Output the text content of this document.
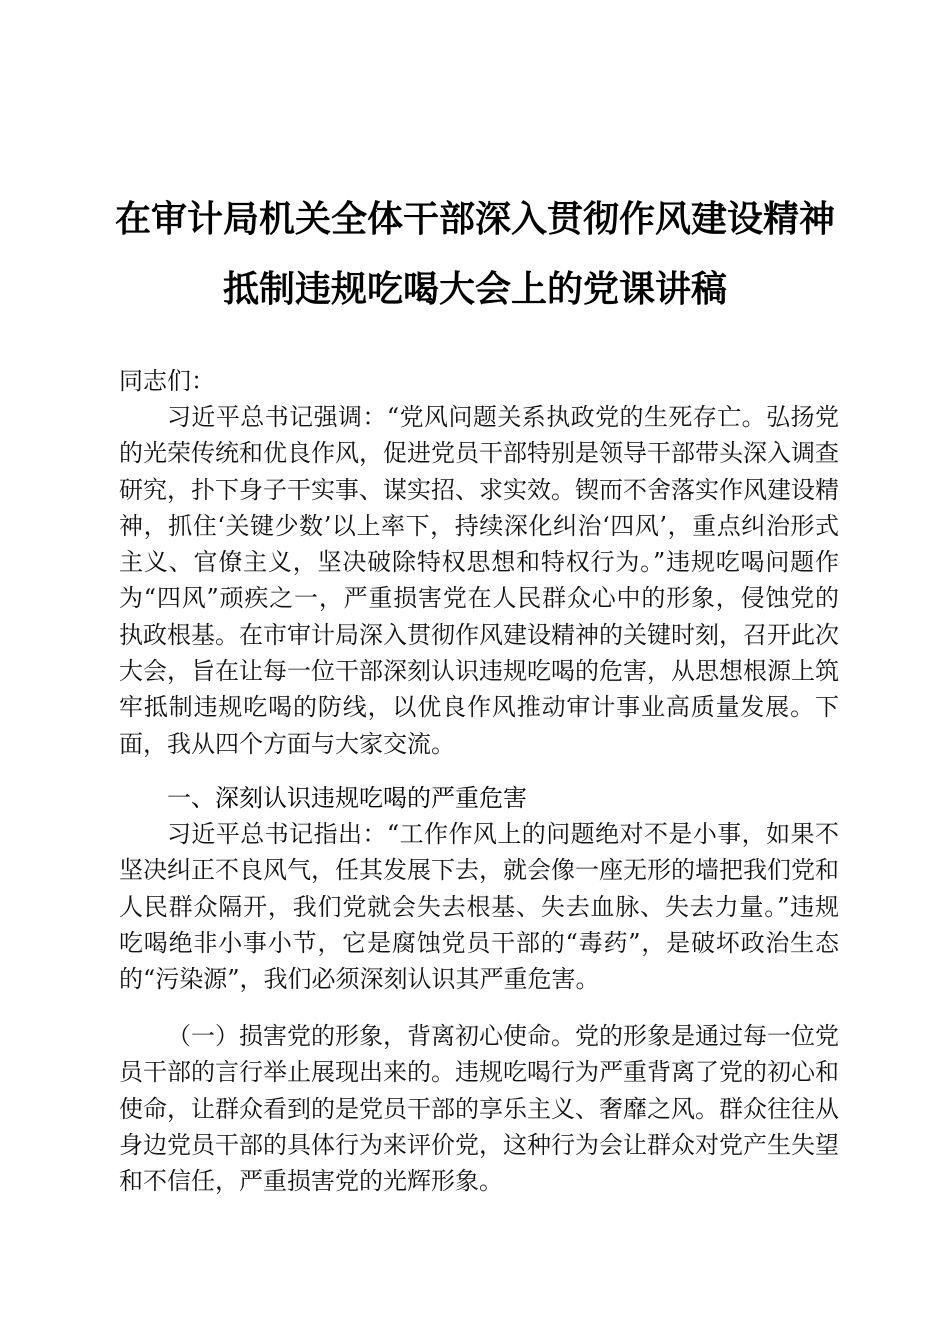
在审计局机关全体干部深入贯彻作风建设精神
抵制违规吃喝大会上的党课讲稿

同志们：

习近平总书记强调：“党风问题关系执政党的生死存亡。弘扬党的光荣传统和优良作风，促进党员干部特别是领导干部带头深入调查研究，扑下身子干实事、谋实招、求实效。锲而不舍落实作风建设精神，抓住‘关键少数’以上率下，持续深化纠治‘四风’，重点纠治形式主义、官僚主义，坚决破除特权思想和特权行为。”违规吃喝问题作为“四风”顽疾之一，严重损害党在人民群众心中的形象，侵蚀党的执政根基。在市审计局深入贯彻作风建设精神的关键时刻，召开此次大会，旨在让每一位干部深刻认识违规吃喝的危害，从思想根源上筑牢抵制违规吃喝的防线，以优良作风推动审计事业高质量发展。下面，我从四个方面与大家交流。

一、深刻认识违规吃喝的严重危害

习近平总书记指出：“工作作风上的问题绝对不是小事，如果不坚决纠正不良风气，任其发展下去，就会像一座无形的墙把我们党和人民群众隔开，我们党就会失去根基、失去血脉、失去力量。”违规吃喝绝非小事小节，它是腐蚀党员干部的“毒药”，是破坏政治生态的“污染源”，我们必须深刻认识其严重危害。

（一）损害党的形象，背离初心使命。党的形象是通过每一位党员干部的言行举止展现出来的。违规吃喝行为严重背离了党的初心和使命，让群众看到的是党员干部的享乐主义、奢靡之风。群众往往从身边党员干部的具体行为来评价党，这种行为会让群众对党产生失望和不信任，严重损害党的光辉形象。
